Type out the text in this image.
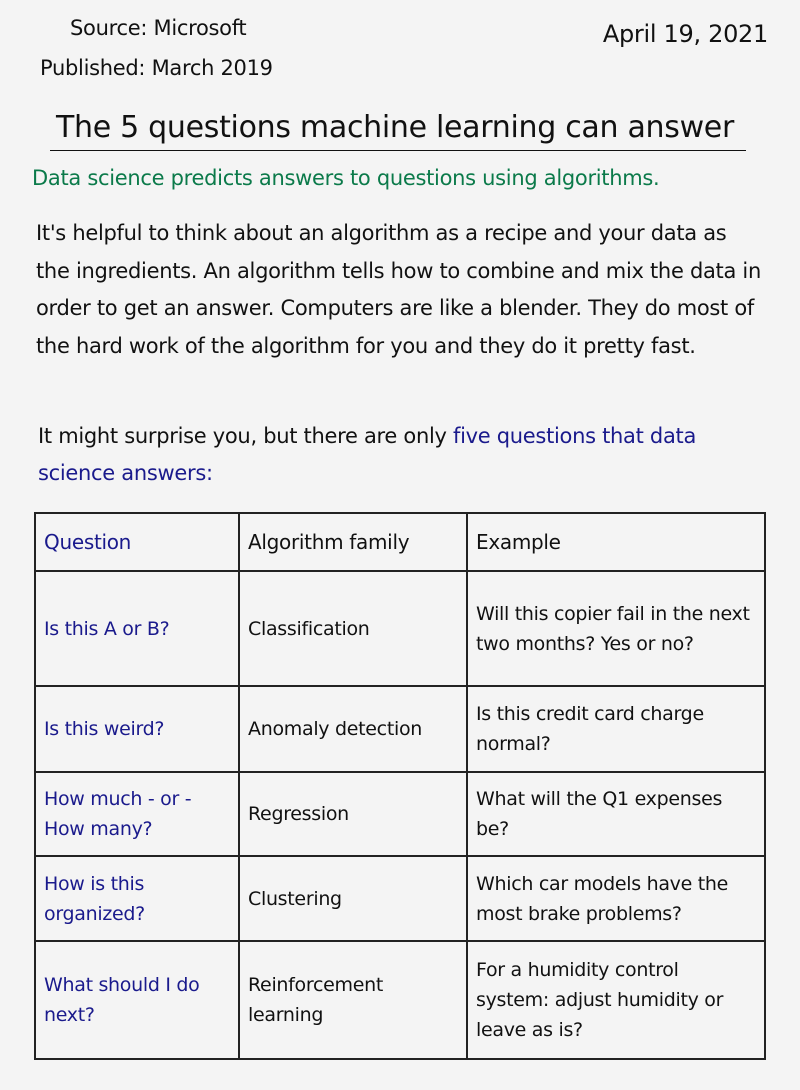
Source: Microsoft
Published: March 2019
April 19, 2021
The 5 questions machine learning can answer
Data science predicts answers to questions using algorithms.
It's helpful to think about an algorithm as a recipe and your data as the ingredients. An algorithm tells how to combine and mix the data in order to get an answer. Computers are like a blender. They do most of the hard work of the algorithm for you and they do it pretty fast.
It might surprise you, but there are only five questions that data science answers:
Question	Algorithm family	Example
Is this A or B?	Classification	Will this copier fail in the next two months? Yes or no?
Is this weird?	Anomaly detection	Is this credit card charge normal?
How much - or - How many?	Regression	What will the Q1 expenses be?
How is this organized?	Clustering	Which car models have the most brake problems?
What should I do next?	Reinforcement learning	For a humidity control system: adjust humidity or leave as is?
